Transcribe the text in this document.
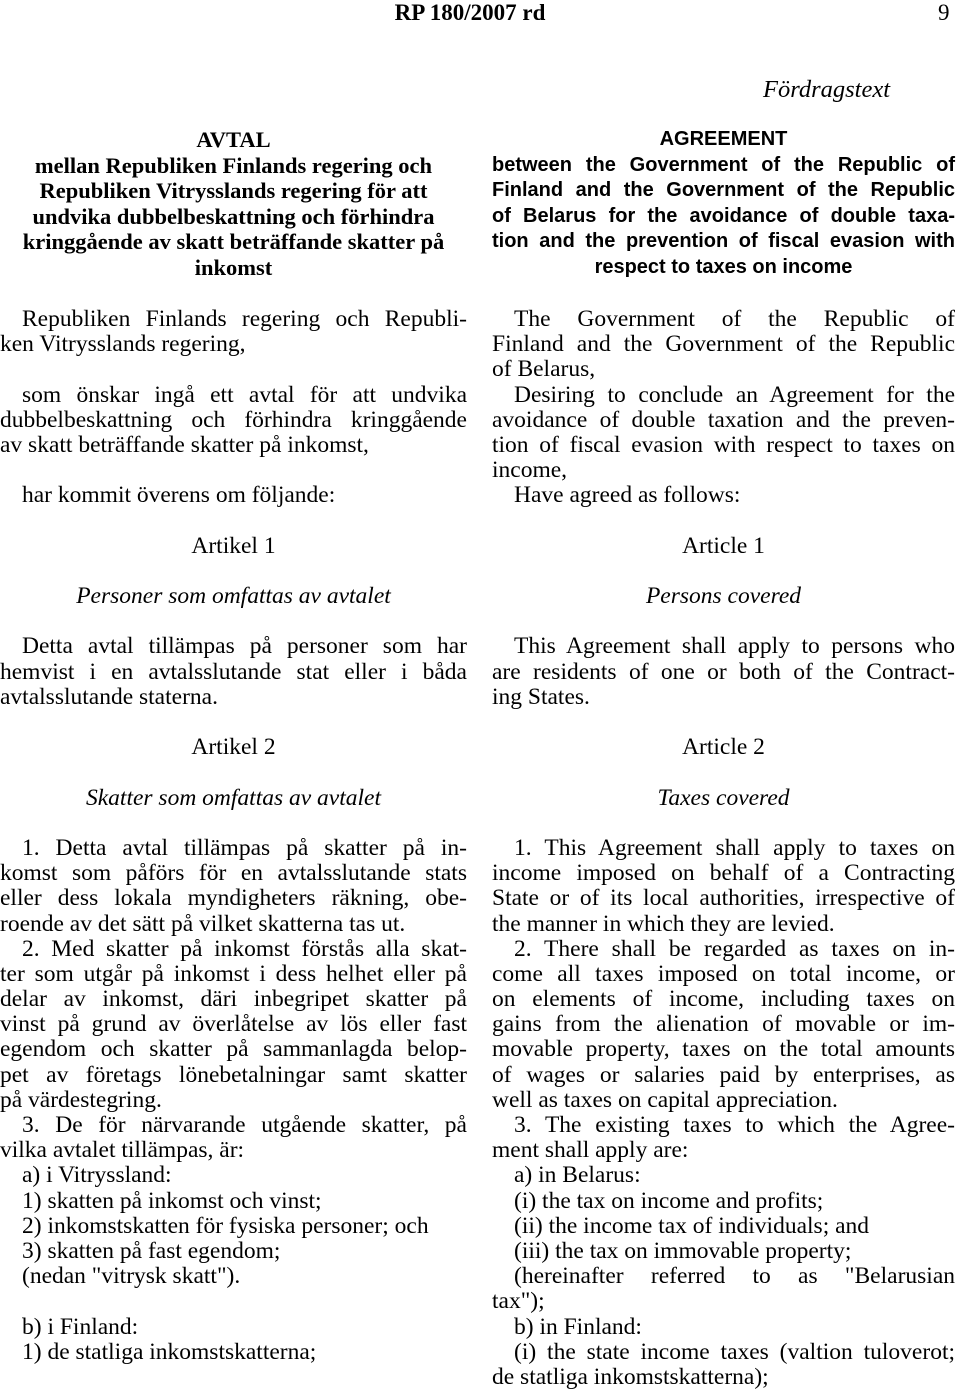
RP 180/2007 rd	9
Fördragstext
AVTAL
mellan Republiken Finlands regering och
Republiken Vitrysslands regering för att
undvika dubbelbeskattning och förhindra
kringgående av skatt beträffande skatter på
inkomst
AGREEMENT
between the Government of the Republic of
Finland and the Government of the Republic
of Belarus for the avoidance of double taxa-
tion and the prevention of fiscal evasion with
respect to taxes on income
Republiken Finlands regering och Republi-
ken Vitrysslands regering,
som önskar ingå ett avtal för att undvika
dubbelbeskattning och förhindra kringgående
av skatt beträffande skatter på inkomst,
har kommit överens om följande:
Artikel 1
Personer som omfattas av avtalet
Detta avtal tillämpas på personer som har
hemvist i en avtalsslutande stat eller i båda
avtalsslutande staterna.
Artikel 2
Skatter som omfattas av avtalet
1. Detta avtal tillämpas på skatter på in-
komst som påförs för en avtalsslutande stats
eller dess lokala myndigheters räkning, obe-
roende av det sätt på vilket skatterna tas ut.
2. Med skatter på inkomst förstås alla skat-
ter som utgår på inkomst i dess helhet eller på
delar av inkomst, däri inbegripet skatter på
vinst på grund av överlåtelse av lös eller fast
egendom och skatter på sammanlagda belop-
pet av företags lönebetalningar samt skatter
på värdestegring.
3. De för närvarande utgående skatter, på
vilka avtalet tillämpas, är:
a) i Vitryssland:
1) skatten på inkomst och vinst;
2) inkomstskatten för fysiska personer; och
3) skatten på fast egendom;
(nedan "vitrysk skatt").
b) i Finland:
1) de statliga inkomstskatterna;
The Government of the Republic of
Finland and the Government of the Republic
of Belarus,
Desiring to conclude an Agreement for the
avoidance of double taxation and the preven-
tion of fiscal evasion with respect to taxes on
income,
Have agreed as follows:
Article 1
Persons covered
This Agreement shall apply to persons who
are residents of one or both of the Contract-
ing States.
Article 2
Taxes covered
1. This Agreement shall apply to taxes on
income imposed on behalf of a Contracting
State or of its local authorities, irrespective of
the manner in which they are levied.
2. There shall be regarded as taxes on in-
come all taxes imposed on total income, or
on elements of income, including taxes on
gains from the alienation of movable or im-
movable property, taxes on the total amounts
of wages or salaries paid by enterprises, as
well as taxes on capital appreciation.
3. The existing taxes to which the Agree-
ment shall apply are:
a) in Belarus:
(i) the tax on income and profits;
(ii) the income tax of individuals; and
(iii) the tax on immovable property;
(hereinafter referred to as "Belarusian
tax");
b) in Finland:
(i) the state income taxes (valtion tuloverot;
de statliga inkomstskatterna);
